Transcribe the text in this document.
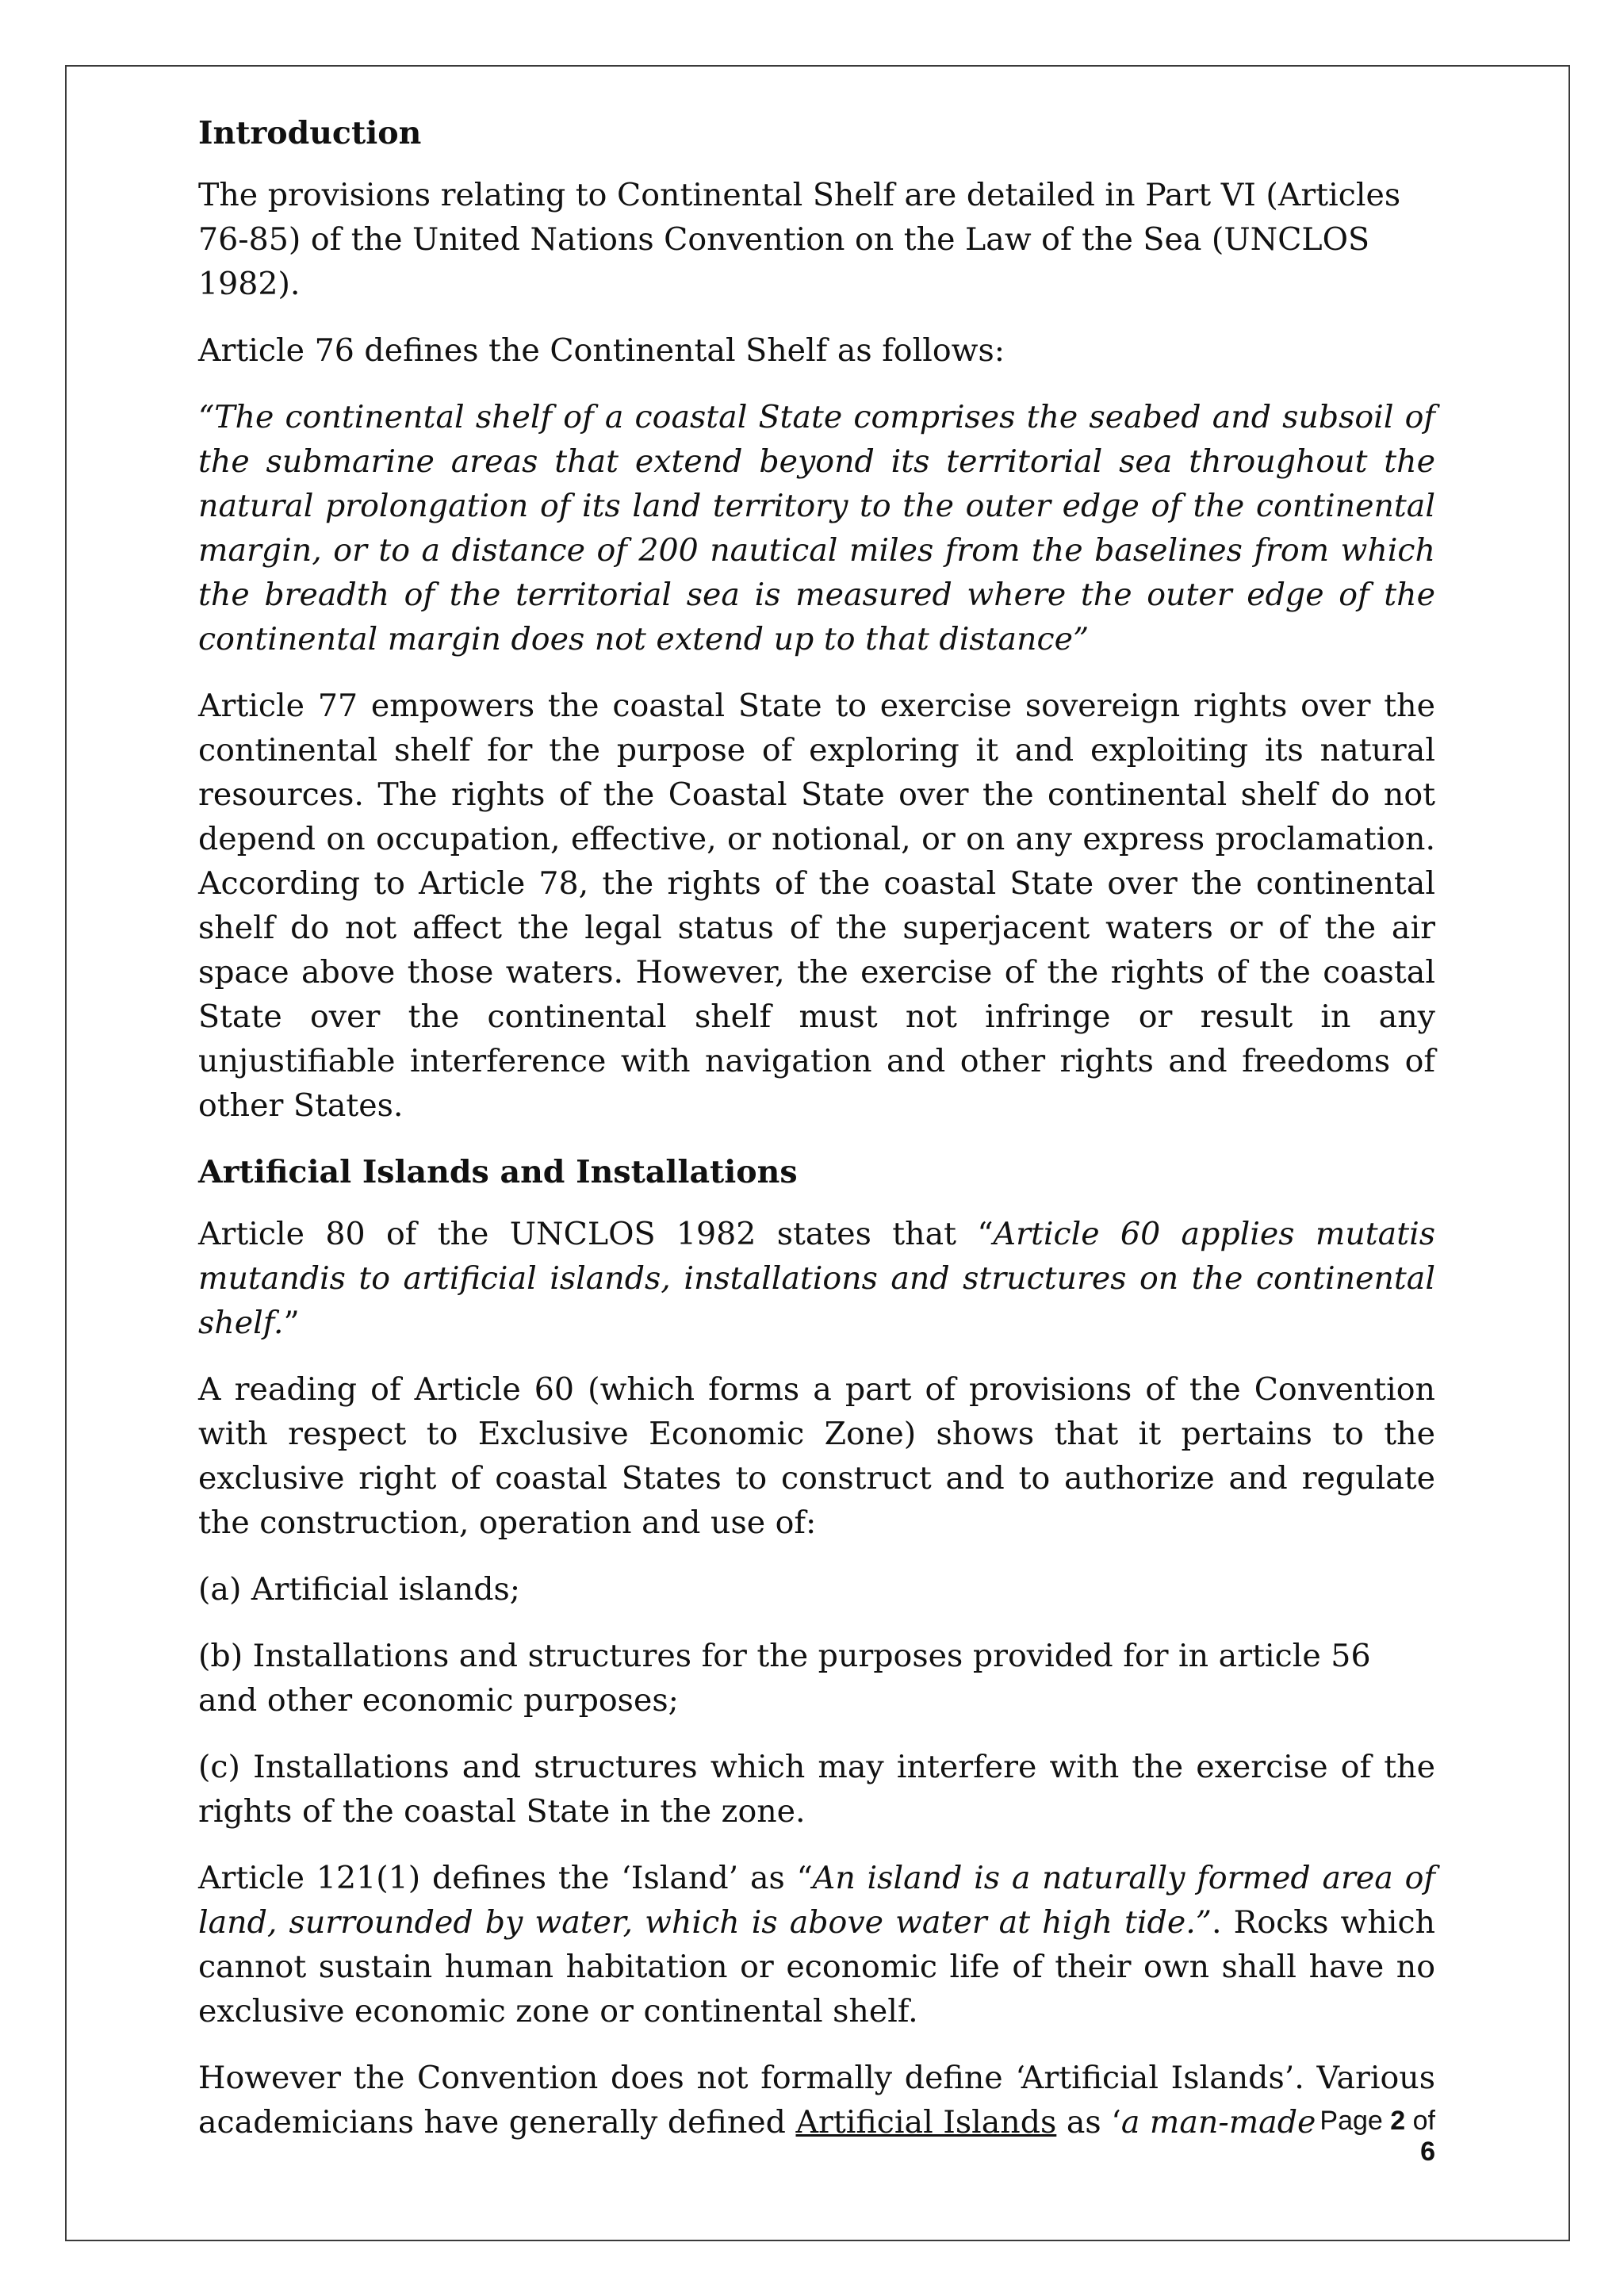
Introduction

The provisions relating to Continental Shelf are detailed in Part VI (Articles 76-85) of the United Nations Convention on the Law of the Sea (UNCLOS 1982).

Article 76 defines the Continental Shelf as follows:

“The continental shelf of a coastal State comprises the seabed and subsoil of the submarine areas that extend beyond its territorial sea throughout the natural prolongation of its land territory to the outer edge of the continental margin, or to a distance of 200 nautical miles from the baselines from which the breadth of the territorial sea is measured where the outer edge of the continental margin does not extend up to that distance”

Article 77 empowers the coastal State to exercise sovereign rights over the continental shelf for the purpose of exploring it and exploiting its natural resources. The rights of the Coastal State over the continental shelf do not depend on occupation, effective, or notional, or on any express proclamation. According to Article 78, the rights of the coastal State over the continental shelf do not affect the legal status of the superjacent waters or of the air space above those waters. However, the exercise of the rights of the coastal State over the continental shelf must not infringe or result in any unjustifiable interference with navigation and other rights and freedoms of other States.

Artificial Islands and Installations

Article 80 of the UNCLOS 1982 states that “Article 60 applies mutatis mutandis to artificial islands, installations and structures on the continental shelf.”

A reading of Article 60 (which forms a part of provisions of the Convention with respect to Exclusive Economic Zone) shows that it pertains to the exclusive right of coastal States to construct and to authorize and regulate the construction, operation and use of:

(a) Artificial islands;

(b) Installations and structures for the purposes provided for in article 56 and other economic purposes;

(c) Installations and structures which may interfere with the exercise of the rights of the coastal State in the zone.

Article 121(1) defines the ‘Island’ as “An island is a naturally formed area of land, surrounded by water, which is above water at high tide.”. Rocks which cannot sustain human habitation or economic life of their own shall have no exclusive economic zone or continental shelf.

However the Convention does not formally define ‘Artificial Islands’. Various academicians have generally defined Artificial Islands as ‘a man-made Page 2 of 6
